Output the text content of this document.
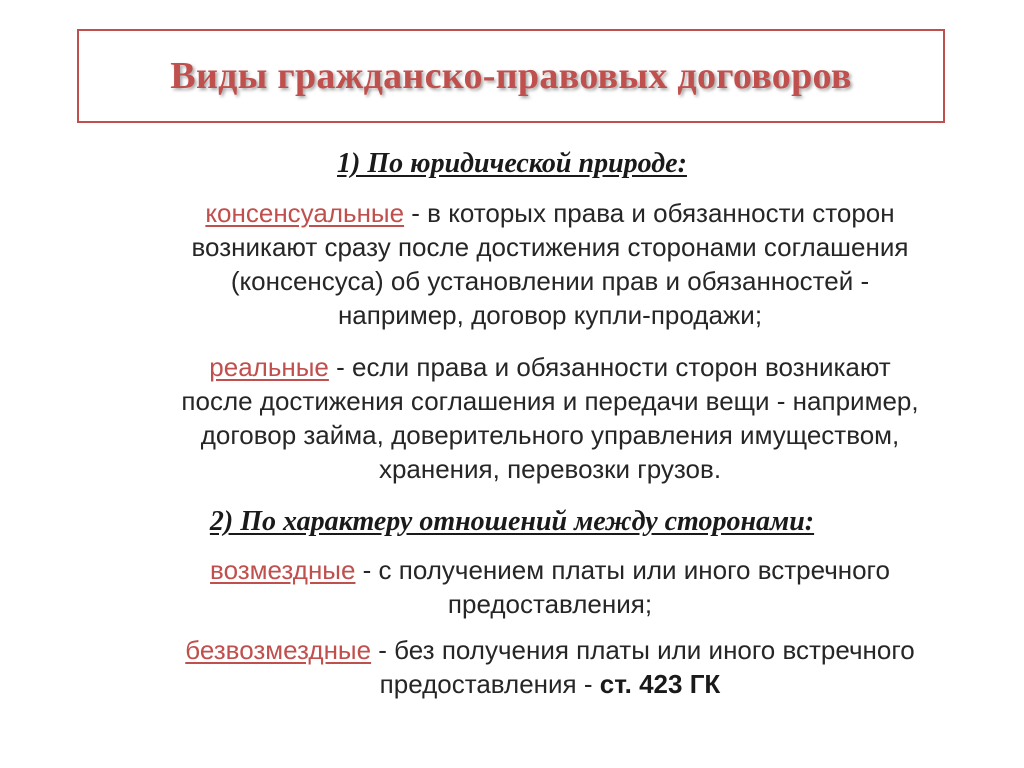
Виды гражданско-правовых договоров
1) По юридической природе:
консенсуальные - в которых права и обязанности сторон
возникают сразу после достижения сторонами соглашения
(консенсуса) об установлении прав и обязанностей -
например, договор купли-продажи;
реальные - если права и обязанности сторон возникают
после достижения соглашения и передачи вещи - например,
договор займа, доверительного управления имуществом,
хранения, перевозки грузов.
2) По характеру отношений между сторонами:
возмездные - с получением платы или иного встречного
предоставления;
безвозмездные - без получения платы или иного встречного
предоставления - ст. 423 ГК
